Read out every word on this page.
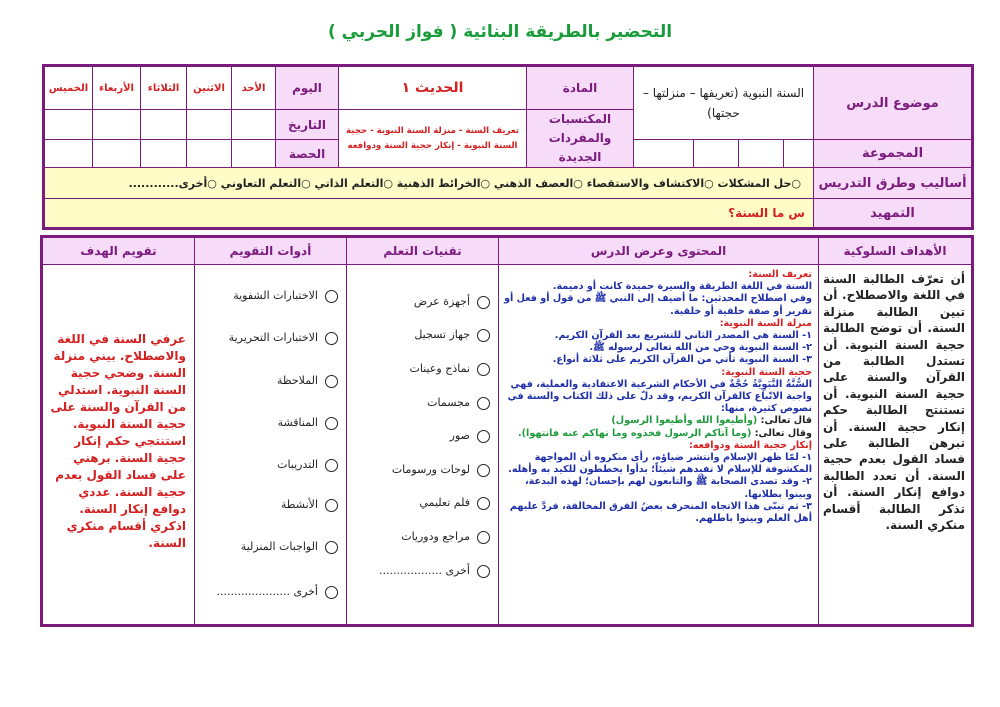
التحضير بالطريقة البنائية ( فواز الحربي )
موضوع الدرس
السنة النبوية (تعريفها – منزلتها – حجتها)
المادة
الحديث ١
اليوم
الأحد
الاثنين
الثلاثاء
الأربعاء
الخميس
المكتسبات والمفردات الجديدة
تعريف السنة - منزلة السنة النبوية - حجية السنة النبوية - إنكار حجية السنة ودوافعه
التاريخ
المجموعة
الحصة
أساليب وطرق التدريس
○حل المشكلات ○الاكتشاف والاستقصاء ○العصف الذهني ○الخرائط الذهنية ○التعلم الذاتي ○التعلم التعاوني ○أخرى............
التمهيد
س ما السنة؟
الأهداف السلوكية
المحتوى وعرض الدرس
تقنيات التعلم
أدوات التقويم
تقويم الهدف
أن تعرّف الطالبة السنة في اللغة والاصطلاح. أن تبين الطالبة منزلة السنة. أن توضح الطالبة حجية السنة النبوية. أن تستدل الطالبة من القرآن والسنة على حجية السنة النبوية. أن تستنتج الطالبة حكم إنكار حجية السنة. أن تبرهن الطالبة على فساد القول بعدم حجية السنة. أن تعدد الطالبة دوافع إنكار السنة. أن تذكر الطالبة أقسام منكري السنة.
تعريف السنة:
السنة في اللغة الطريقة والسيرة حميدة كانت أو ذميمة.
وفي اصطلاح المحدثين: ما أضيف إلى النبي ﷺ من قول أو فعل أو تقرير أو صفة خلقية أو خلقية.
منزلة السنة النبوية:
١- السنة هي المصدر الثاني للتشريع بعد القرآن الكريم.
٢- السنة النبوية وحي من الله تعالى لرسوله ﷺ.
٣- السنة النبوية تأتي من القرآن الكريم على ثلاثة أنواع.
حجية السنة النبوية:
السُّنَّةُ النَّبَوِيَّةُ حُجَّةٌ في الأحكام الشرعية الاعتقادية والعملية، فهي واجبة الاتّباع كالقرآن الكريم، وقد دلّ على ذلك الكتاب والسنة في نصوص كثيرة، منها:
قال تعالى: (وأطيعوا الله وأطيعوا الرسول)
وقال تعالى: (وما آتاكم الرسول فخذوه وما نهاكم عنه فانتهوا).
إنكار حجية السنة ودوافعه:
١- لمّا ظهر الإسلام وانتشر ضياؤه، رأى منكروه أن المواجهة المكشوفة للإسلام لا تفيدهم شيئاً؛ بدأوا يخططون للكيد به وأهله.
٢- وقد تصدى الصحابة ﷺ والتابعون لهم بإحسان؛ لهذه البدعة، وبينوا بطلانها.
٣- ثم تبنّى هذا الاتجاه المنحرف بعضُ الفرق المخالفة، فردَّ عليهم أهل العلم وبينوا باطلهم.
أجهزة عرض
جهاز تسجيل
نماذج وعينات
مجسمات
صور
لوحات ورسومات
فلم تعليمي
مراجع ودوريات
أخرى ..................
الاختبارات الشفوية
الاختبارات التحريرية
الملاحظة
المناقشة
التدريبات
الأنشطة
الواجبات المنزلية
أخرى .....................
عرفي السنة في اللغة والاصطلاح. بيني منزلة السنة. وضحي حجية السنة النبوية. استدلي من القرآن والسنة على حجية السنة النبوية. استنتجي حكم إنكار حجية السنة. برهني على فساد القول بعدم حجية السنة. عددي دوافع إنكار السنة. اذكري أقسام منكري السنة.
